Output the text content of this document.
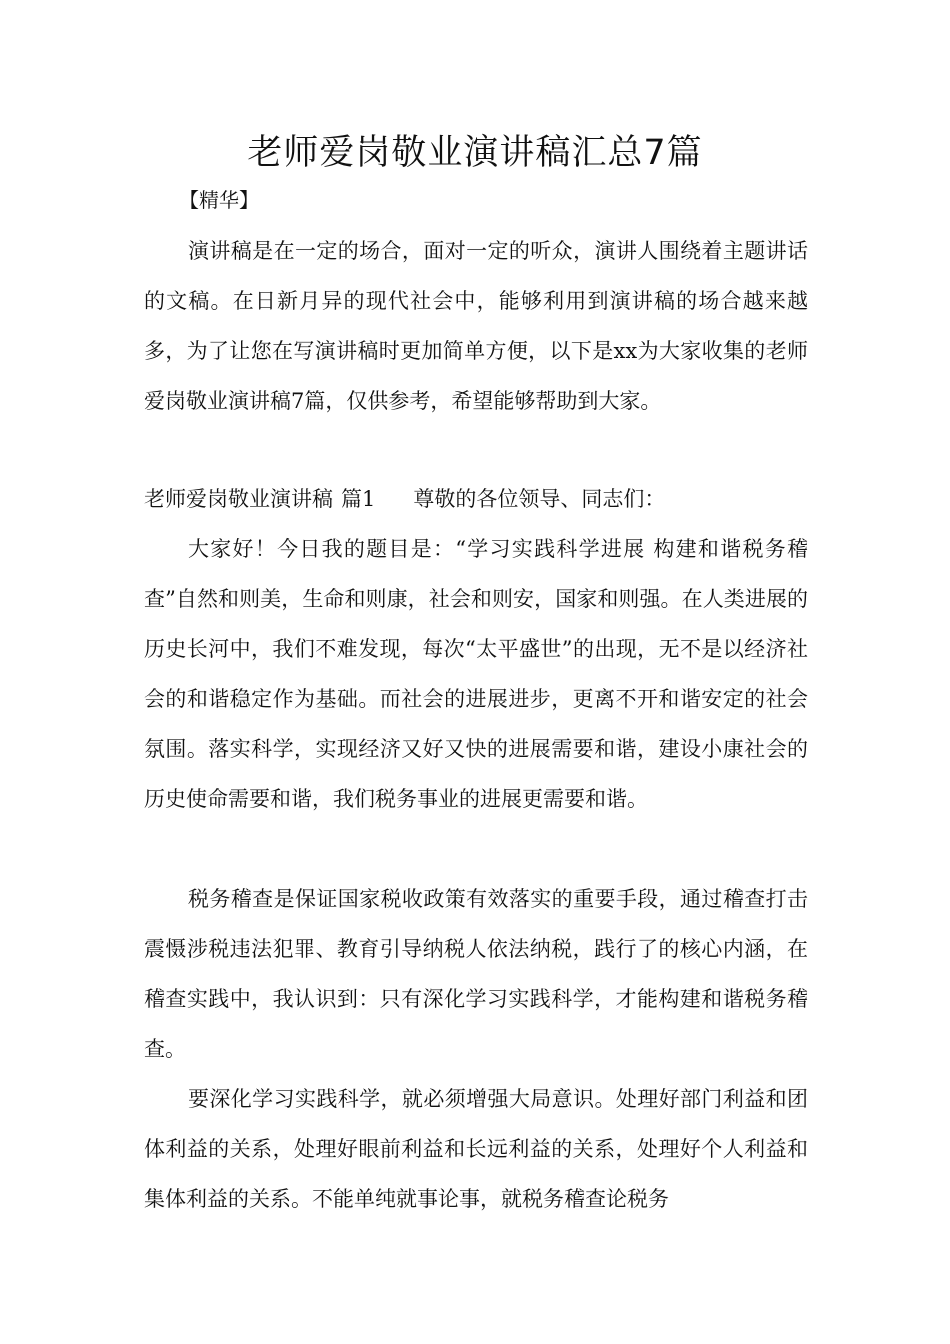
老师爱岗敬业演讲稿汇总7篇

【精华】

演讲稿是在一定的场合，面对一定的听众，演讲人围绕着主题讲话的文稿。在日新月异的现代社会中，能够利用到演讲稿的场合越来越多，为了让您在写演讲稿时更加简单方便，以下是xx为大家收集的老师爱岗敬业演讲稿7篇，仅供参考，希望能够帮助到大家。

老师爱岗敬业演讲稿 篇1 尊敬的各位领导、同志们：

大家好！今日我的题目是：“学习实践科学进展 构建和谐税务稽查”自然和则美，生命和则康，社会和则安，国家和则强。在人类进展的历史长河中，我们不难发现，每次“太平盛世”的出现，无不是以经济社会的和谐稳定作为基础。而社会的进展进步，更离不开和谐安定的社会氛围。落实科学，实现经济又好又快的进展需要和谐，建设小康社会的历史使命需要和谐，我们税务事业的进展更需要和谐。

税务稽查是保证国家税收政策有效落实的重要手段，通过稽查打击震慑涉税违法犯罪、教育引导纳税人依法纳税，践行了的核心内涵，在稽查实践中，我认识到：只有深化学习实践科学，才能构建和谐税务稽查。

要深化学习实践科学，就必须增强大局意识。处理好部门利益和团体利益的关系，处理好眼前利益和长远利益的关系，处理好个人利益和集体利益的关系。不能单纯就事论事，就税务稽查论税务
